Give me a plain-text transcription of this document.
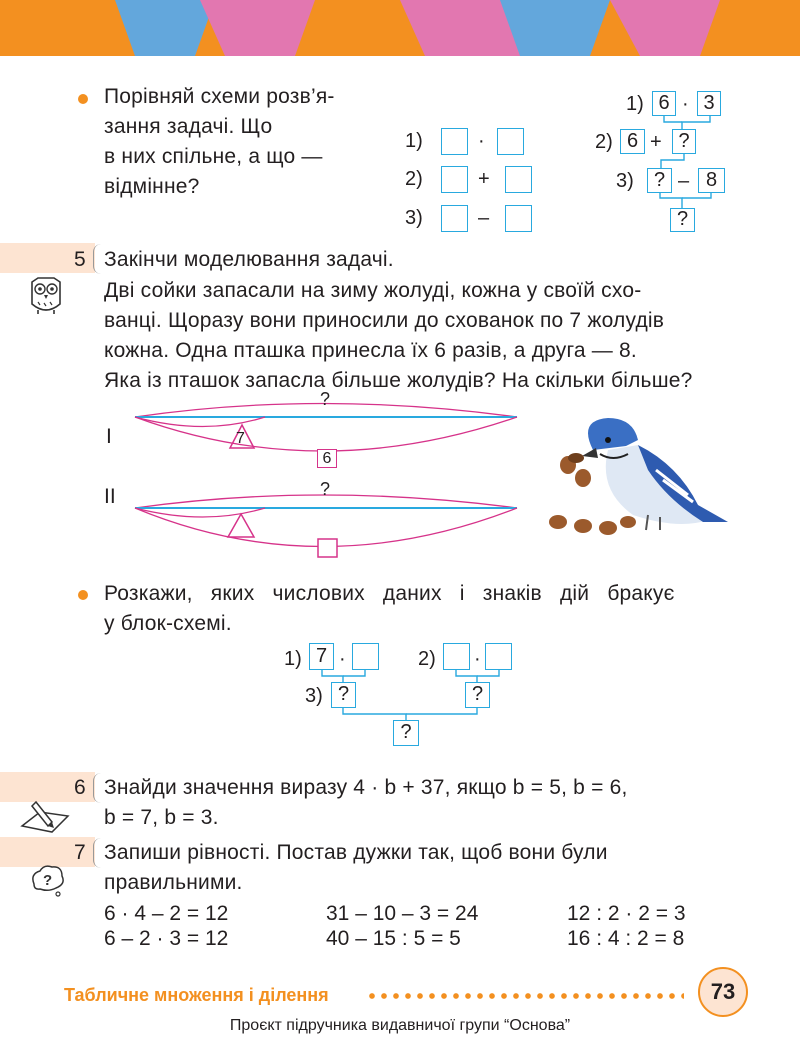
Порівняй схеми розв’я-
зання задачі. Що
в них спільне, а що —
відмінне?
1)	·
2)	+
3)	–
1) 6 · 3
2) 6 + ?
3)	? – 8
?
5 Закінчи моделювання задачі.
Дві сойки запасали на зиму жолуді, кожна у своїй схо-
ванці. Щоразу вони приносили до схованок по 7 жолудів
кожна. Одна пташка принесла їх 6 разів, а друга — 8.
Яка із пташок запасла більше жолудів? На скільки більше?
I
II
?
7
6
?
Розкажи,   яких   числових   даних   і   знаків   дій   бракує
у блок-схемі.
1) 7 ·	2) ·
3) ?	?
?
6 Знайди значення виразу 4 · b + 37, якщо b = 5, b = 6,
b = 7, b = 3.
7 Запиши рівності. Постав дужки так, щоб вони були
правильними.
?
6 · 4 – 2 = 12	31 – 10 – 3 = 24	12 : 2 · 2 = 3
6 – 2 · 3 = 12	40 – 15 : 5 = 5	16 : 4 : 2 = 8
Табличне множення і ділення	73
Проєкт підручника видавничої групи “Основа”
